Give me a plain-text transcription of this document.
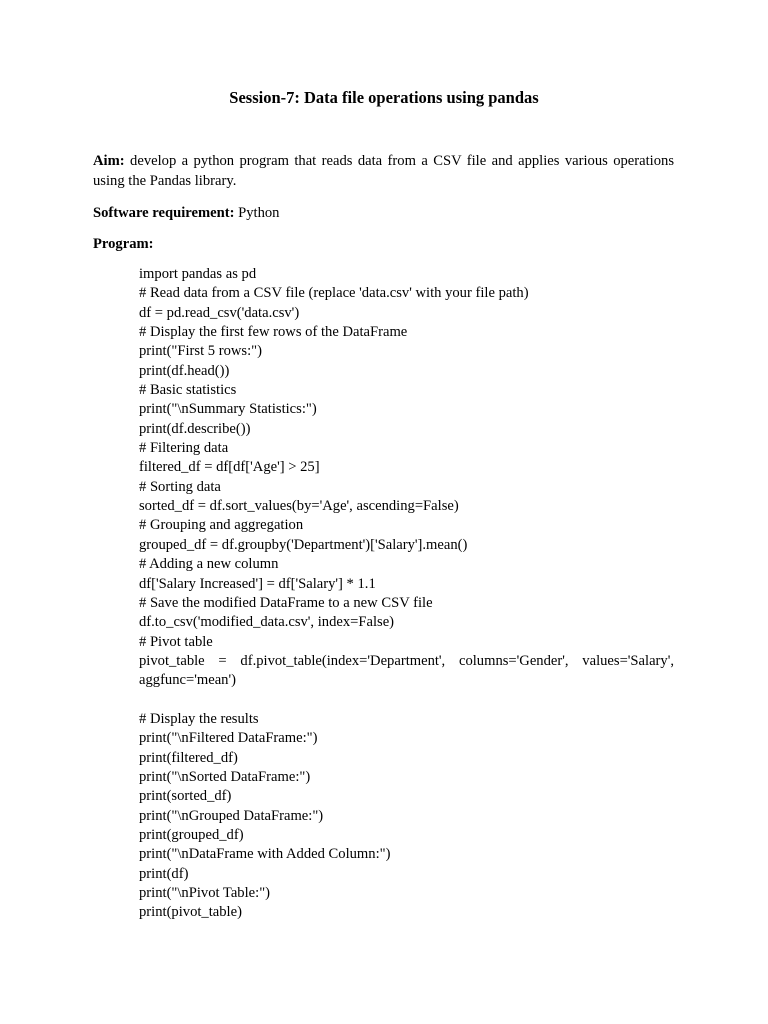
Session-7: Data file operations using pandas

Aim: develop a python program that reads data from a CSV file and applies various operations using the Pandas library.

Software requirement: Python

Program:

import pandas as pd
# Read data from a CSV file (replace 'data.csv' with your file path)
df = pd.read_csv('data.csv')
# Display the first few rows of the DataFrame
print("First 5 rows:")
print(df.head())
# Basic statistics
print("\nSummary Statistics:")
print(df.describe())
# Filtering data
filtered_df = df[df['Age'] > 25]
# Sorting data
sorted_df = df.sort_values(by='Age', ascending=False)
# Grouping and aggregation
grouped_df = df.groupby('Department')['Salary'].mean()
# Adding a new column
df['Salary Increased'] = df['Salary'] * 1.1
# Save the modified DataFrame to a new CSV file
df.to_csv('modified_data.csv', index=False)
# Pivot table
pivot_table = df.pivot_table(index='Department', columns='Gender', values='Salary', aggfunc='mean')

# Display the results
print("\nFiltered DataFrame:")
print(filtered_df)
print("\nSorted DataFrame:")
print(sorted_df)
print("\nGrouped DataFrame:")
print(grouped_df)
print("\nDataFrame with Added Column:")
print(df)
print("\nPivot Table:")
print(pivot_table)
